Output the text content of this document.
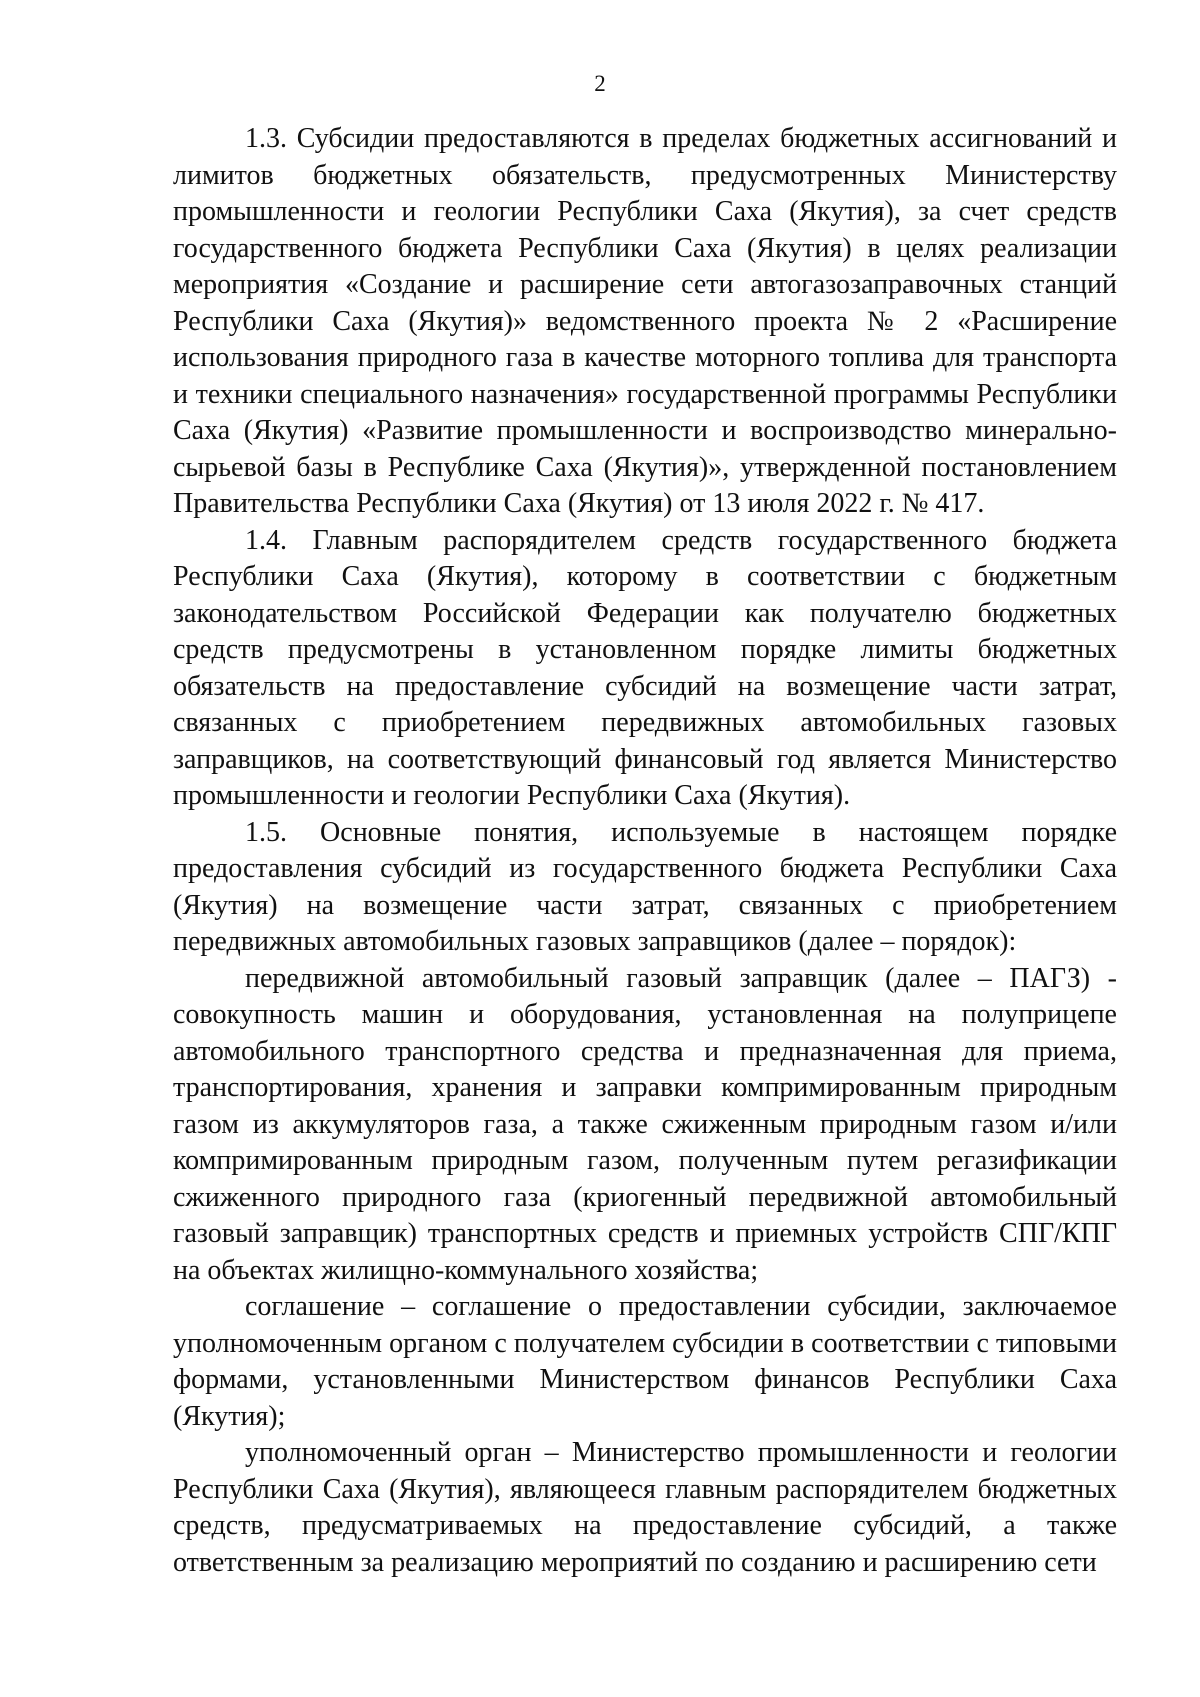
2

1.3. Субсидии предоставляются в пределах бюджетных ассигнований и лимитов бюджетных обязательств, предусмотренных Министерству промышленности и геологии Республики Саха (Якутия), за счет средств государственного бюджета Республики Саха (Якутия) в целях реализации мероприятия «Создание и расширение сети автогазозаправочных станций Республики Саха (Якутия)» ведомственного проекта № 2 «Расширение использования природного газа в качестве моторного топлива для транспорта и техники специального назначения» государственной программы Республики Саха (Якутия) «Развитие промышленности и воспроизводство минерально-сырьевой базы в Республике Саха (Якутия)», утвержденной постановлением Правительства Республики Саха (Якутия) от 13 июля 2022 г. № 417.

1.4. Главным распорядителем средств государственного бюджета Республики Саха (Якутия), которому в соответствии с бюджетным законодательством Российской Федерации как получателю бюджетных средств предусмотрены в установленном порядке лимиты бюджетных обязательств на предоставление субсидий на возмещение части затрат, связанных с приобретением передвижных автомобильных газовых заправщиков, на соответствующий финансовый год является Министерство промышленности и геологии Республики Саха (Якутия).

1.5. Основные понятия, используемые в настоящем порядке предоставления субсидий из государственного бюджета Республики Саха (Якутия) на возмещение части затрат, связанных с приобретением передвижных автомобильных газовых заправщиков (далее – порядок):

передвижной автомобильный газовый заправщик (далее – ПАГЗ) - совокупность машин и оборудования, установленная на полуприцепе автомобильного транспортного средства и предназначенная для приема, транспортирования, хранения и заправки компримированным природным газом из аккумуляторов газа, а также сжиженным природным газом и/или компримированным природным газом, полученным путем регазификации сжиженного природного газа (криогенный передвижной автомобильный газовый заправщик) транспортных средств и приемных устройств СПГ/КПГ на объектах жилищно-коммунального хозяйства;

соглашение – соглашение о предоставлении субсидии, заключаемое уполномоченным органом с получателем субсидии в соответствии с типовыми формами, установленными Министерством финансов Республики Саха (Якутия);

уполномоченный орган – Министерство промышленности и геологии Республики Саха (Якутия), являющееся главным распорядителем бюджетных средств, предусматриваемых на предоставление субсидий, а также ответственным за реализацию мероприятий по созданию и расширению сети
